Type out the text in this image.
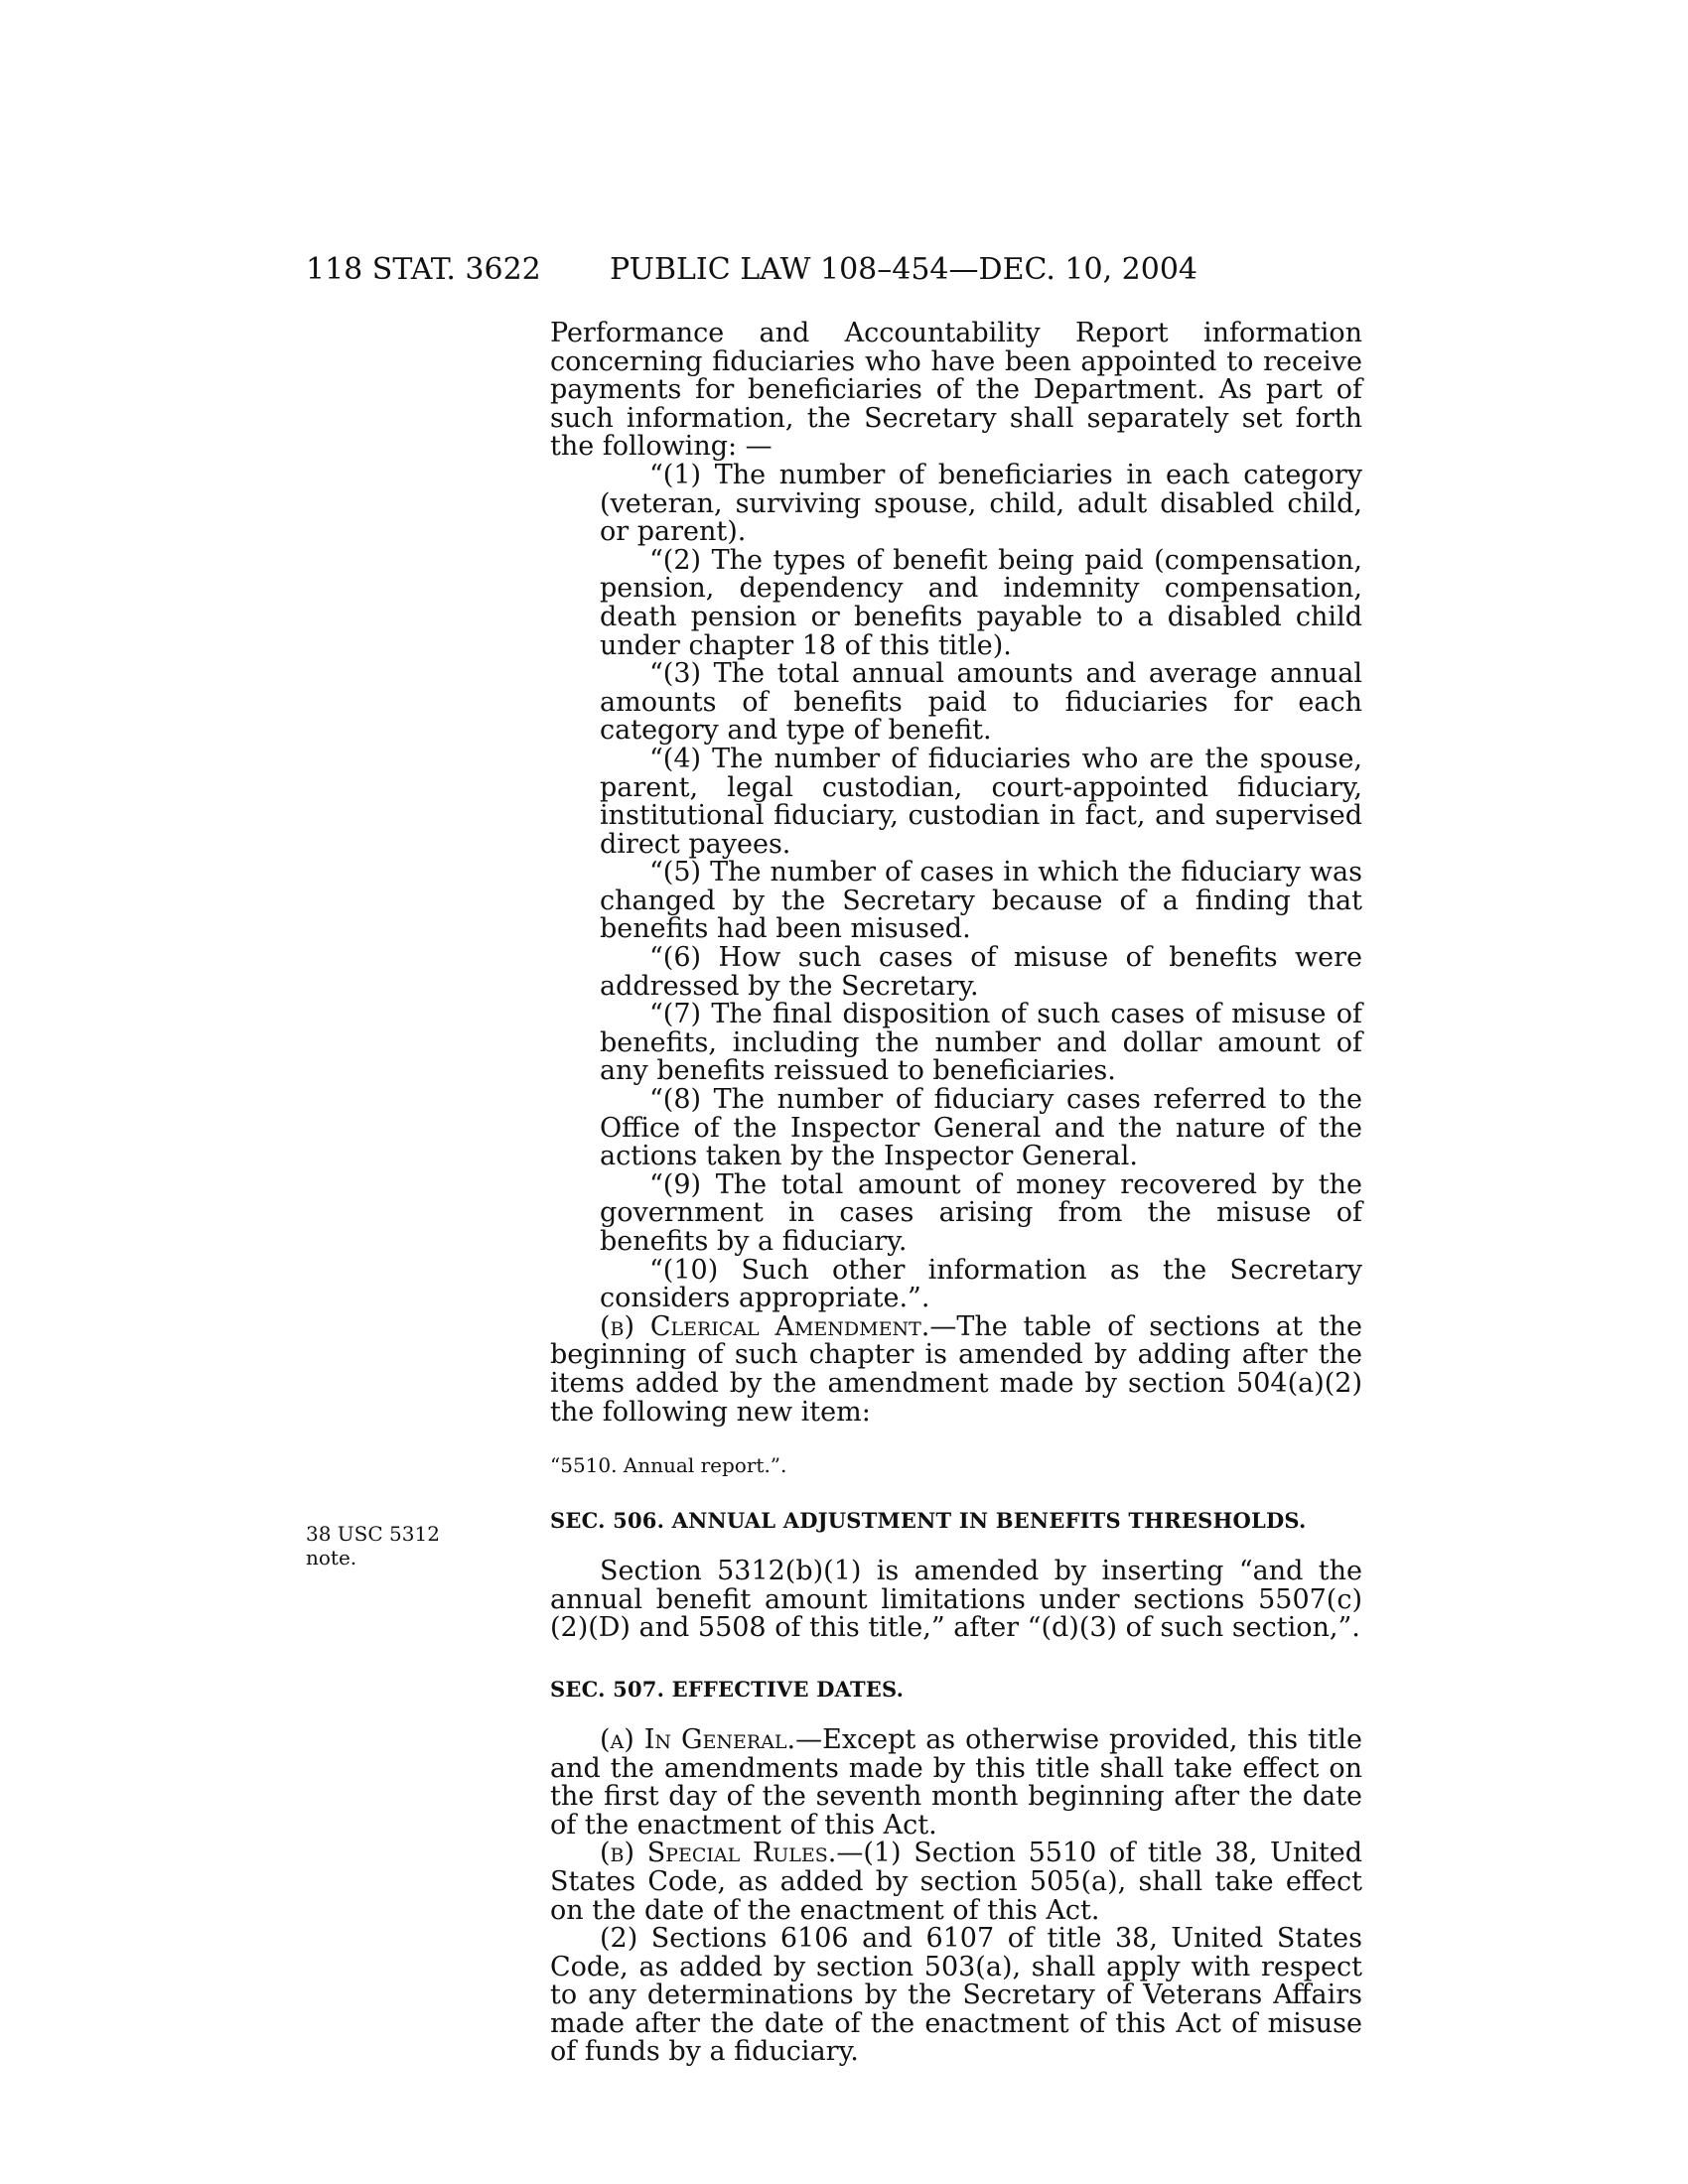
118 STAT. 3622 PUBLIC LAW 108–454—DEC. 10, 2004
38 USC 5312
note.

Performance and Accountability Report information concerning fiduciaries who have been appointed to receive payments for beneficiaries of the Department. As part of such information, the Secretary shall separately set forth the following: —

“(1) The number of beneficiaries in each category (veteran, surviving spouse, child, adult disabled child, or parent).

“(2) The types of benefit being paid (compensation, pension, dependency and indemnity compensation, death pension or benefits payable to a disabled child under chapter 18 of this title).

“(3) The total annual amounts and average annual amounts of benefits paid to fiduciaries for each category and type of benefit.

“(4) The number of fiduciaries who are the spouse, parent, legal custodian, court-appointed fiduciary, institutional fiduciary, custodian in fact, and supervised direct payees.

“(5) The number of cases in which the fiduciary was changed by the Secretary because of a finding that benefits had been misused.

“(6) How such cases of misuse of benefits were addressed by the Secretary.

“(7) The final disposition of such cases of misuse of benefits, including the number and dollar amount of any benefits reissued to beneficiaries.

“(8) The number of fiduciary cases referred to the Office of the Inspector General and the nature of the actions taken by the Inspector General.

“(9) The total amount of money recovered by the government in cases arising from the misuse of benefits by a fiduciary.

“(10) Such other information as the Secretary considers appropriate.”.

(b) Clerical Amendment.—The table of sections at the beginning of such chapter is amended by adding after the items added by the amendment made by section 504(a)(2) the following new item:

“5510. Annual report.”.

SEC. 506. ANNUAL ADJUSTMENT IN BENEFITS THRESHOLDS.

Section 5312(b)(1) is amended by inserting “and the annual benefit amount limitations under sections 5507(c)(2)(D) and 5508 of this title,” after “(d)(3) of such section,”.

SEC. 507. EFFECTIVE DATES.

(a) In General.—Except as otherwise provided, this title and the amendments made by this title shall take effect on the first day of the seventh month beginning after the date of the enactment of this Act.

(b) Special Rules.—(1) Section 5510 of title 38, United States Code, as added by section 505(a), shall take effect on the date of the enactment of this Act.

(2) Sections 6106 and 6107 of title 38, United States Code, as added by section 503(a), shall apply with respect to any determinations by the Secretary of Veterans Affairs made after the date of the enactment of this Act of misuse of funds by a fiduciary.
